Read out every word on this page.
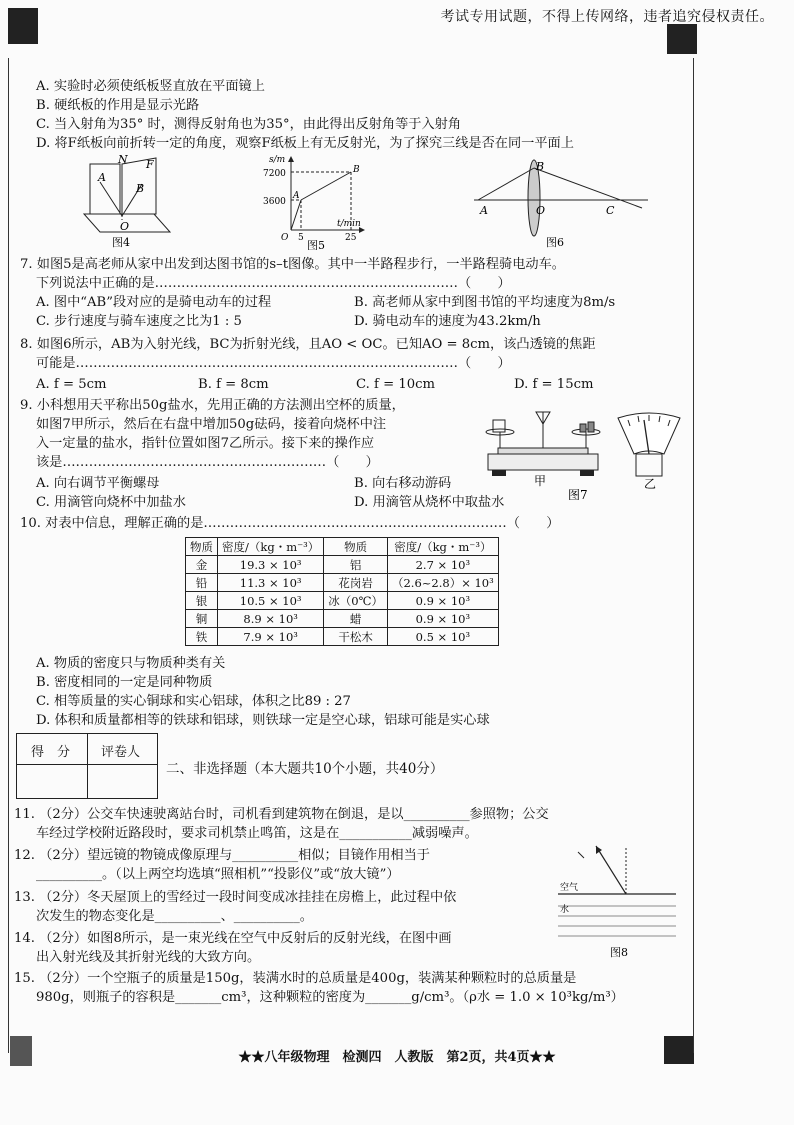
考试专用试题，不得上传网络，违者追究侵权责任。
A. 实验时必须使纸板竖直放在平面镜上
B. 硬纸板的作用是显示光路
C. 当入射角为35° 时，测得反射角也为35°，由此得出反射角等于入射角
D. 将F纸板向前折转一定的角度，观察F纸板上有无反射光，为了探究三线是否在同一平面上
A
N F
B
O
图4
s/m
t/min
7200
3600
5	25
O
A
B
图5
B
A	O	C
图6
7. 如图5是高老师从家中出发到达图书馆的s–t图像。其中一半路程步行，一半路程骑电动车。
下列说法中正确的是……………………………………………………………（　　）
A. 图中“AB”段对应的是骑电动车的过程	B. 高老师从家中到图书馆的平均速度为8m/s
C. 步行速度与骑车速度之比为1 : 5	D. 骑电动车的速度为43.2km/h
8. 如图6所示，AB为入射光线，BC为折射光线，且AO < OC。已知AO = 8cm，该凸透镜的焦距
可能是……………………………………………………………………………（　　）
A. f = 5cm	B. f = 8cm	C. f = 10cm	D. f = 15cm
9. 小科想用天平称出50g盐水，先用正确的方法测出空杯的质量，
如图7甲所示，然后在右盘中增加50g砝码，接着向烧杯中注
入一定量的盐水，指针位置如图7乙所示。接下来的操作应
该是……………………………………………………（　　）
A. 向右调节平衡螺母	B. 向右移动游码
C. 用滴管向烧杯中加盐水	D. 用滴管从烧杯中取盐水
甲
图7
乙
10. 对表中信息，理解正确的是……………………………………………………………（　　）
物质	密度/（kg・m⁻³）	物质	密度/（kg・m⁻³）
金	19.3 × 10³	铝	2.7 × 10³
铅	11.3 × 10³	花岗岩	（2.6~2.8）× 10³
银	10.5 × 10³	冰（0℃）	0.9 × 10³
铜	8.9 × 10³	蜡	0.9 × 10³
铁	7.9 × 10³	干松木	0.5 × 10³
A. 物质的密度只与物质种类有关
B. 密度相同的一定是同种物质
C. 相等质量的实心铜球和实心铝球，体积之比89 : 27
D. 体积和质量都相等的铁球和铝球，则铁球一定是空心球，铝球可能是实心球
得　分 评卷人
二、非选择题（本大题共10个小题，共40分）
11. （2分）公交车快速驶离站台时，司机看到建筑物在倒退，是以__________参照物；公交
车经过学校附近路段时，要求司机禁止鸣笛，这是在___________减弱噪声。
12. （2分）望远镜的物镜成像原理与__________相似；目镜作用相当于
__________。（以上两空均选填“照相机”“投影仪”或“放大镜”）
13. （2分）冬天屋顶上的雪经过一段时间变成冰挂挂在房檐上，此过程中依
次发生的物态变化是__________、__________。
14. （2分）如图8所示，是一束光线在空气中反射后的反射光线，在图中画
出入射光线及其折射光线的大致方向。
空气
水
图8
15. （2分）一个空瓶子的质量是150g，装满水时的总质量是400g，装满某种颗粒时的总质量是
980g，则瓶子的容积是_______cm³，这种颗粒的密度为_______g/cm³。（ρ水 = 1.0 × 10³kg/m³）
★★八年级物理　检测四　人教版　第2页，共4页★★
